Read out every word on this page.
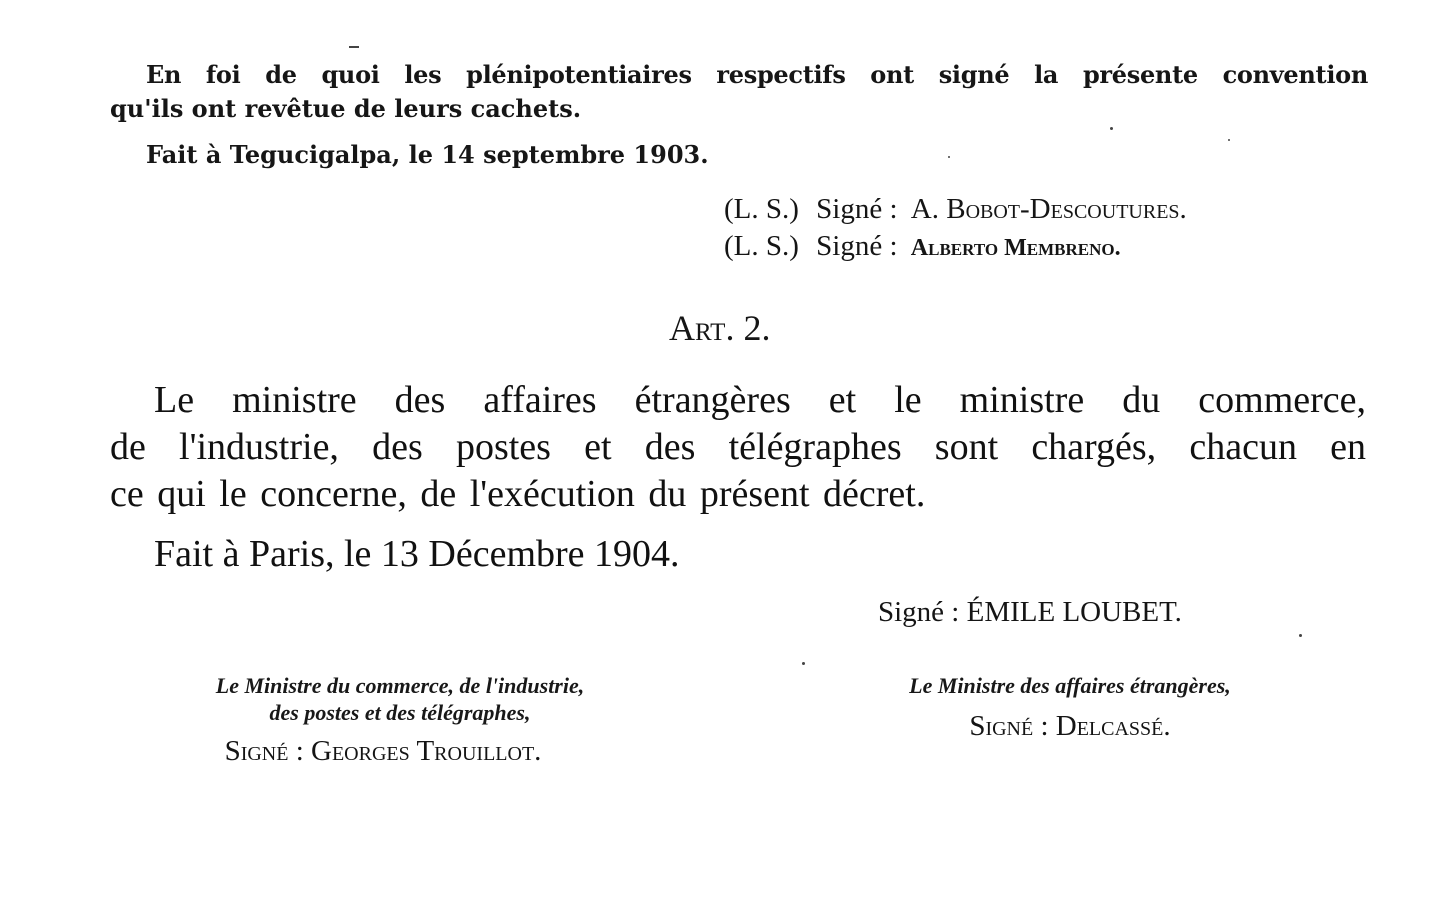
En foi de quoi les plénipotentiaires respectifs ont signé la présente convention
qu'ils ont revêtue de leurs cachets.
Fait à Tegucigalpa, le 14 septembre 1903.
(L. S.) Signé : A. Bobot-Descoutures.
(L. S.) Signé : Alberto Membreno.
Art. 2.
Le ministre des affaires étrangères et le ministre du commerce,
de l'industrie, des postes et des télégraphes sont chargés, chacun en
ce qui le concerne, de l'exécution du présent décret.
Fait à Paris, le 13 Décembre 1904.
Signé : ÉMILE LOUBET.
Le Ministre du commerce, de l'industrie,
des postes et des télégraphes,
Signé : Georges Trouillot.
Le Ministre des affaires étrangères,
Signé : Delcassé.
